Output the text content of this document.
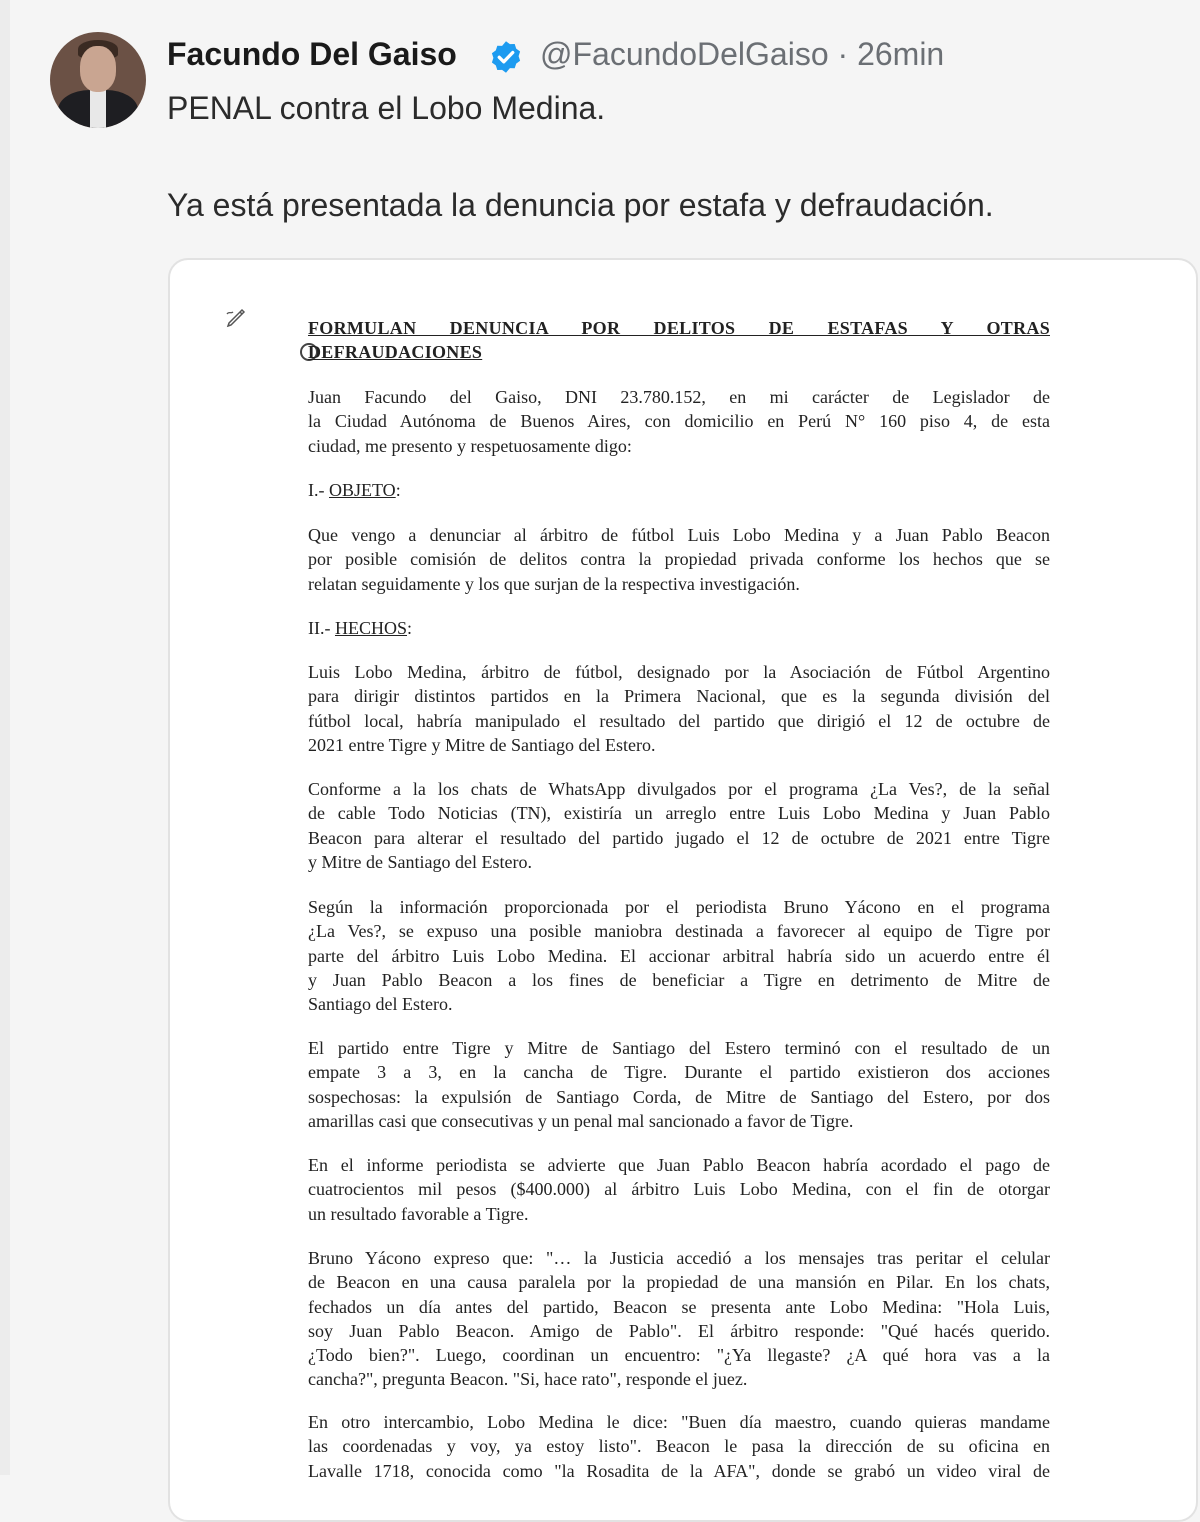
Facundo Del Gaiso	@FacundoDelGaiso · 26min
PENAL contra el Lobo Medina.
Ya está presentada la denuncia por estafa y defraudación.
FORMULAN DENUNCIA POR DELITOS DE ESTAFAS Y OTRAS
DEFRAUDACIONES
I.- OBJETO:
II.- HECHOS:
Juan Facundo del Gaiso, DNI 23.780.152, en mi carácter de Legislador de
la Ciudad Autónoma de Buenos Aires, con domicilio en Perú N° 160 piso 4, de esta
ciudad, me presento y respetuosamente digo:
Que vengo a denunciar al árbitro de fútbol Luis Lobo Medina y a Juan Pablo Beacon
por posible comisión de delitos contra la propiedad privada conforme los hechos que se
relatan seguidamente y los que surjan de la respectiva investigación.
Luis Lobo Medina, árbitro de fútbol, designado por la Asociación de Fútbol Argentino
para dirigir distintos partidos en la Primera Nacional, que es la segunda división del
fútbol local, habría manipulado el resultado del partido que dirigió el 12 de octubre de
2021 entre Tigre y Mitre de Santiago del Estero.
Conforme a la los chats de WhatsApp divulgados por el programa ¿La Ves?, de la señal
de cable Todo Noticias (TN), existiría un arreglo entre Luis Lobo Medina y Juan Pablo
Beacon para alterar el resultado del partido jugado el 12 de octubre de 2021 entre Tigre
y Mitre de Santiago del Estero.
Según la información proporcionada por el periodista Bruno Yácono en el programa
¿La Ves?, se expuso una posible maniobra destinada a favorecer al equipo de Tigre por
parte del árbitro Luis Lobo Medina. El accionar arbitral habría sido un acuerdo entre él
y Juan Pablo Beacon a los fines de beneficiar a Tigre en detrimento de Mitre de
Santiago del Estero.
El partido entre Tigre y Mitre de Santiago del Estero terminó con el resultado de un
empate 3 a 3, en la cancha de Tigre. Durante el partido existieron dos acciones
sospechosas: la expulsión de Santiago Corda, de Mitre de Santiago del Estero, por dos
amarillas casi que consecutivas y un penal mal sancionado a favor de Tigre.
En el informe periodista se advierte que Juan Pablo Beacon habría acordado el pago de
cuatrocientos mil pesos ($400.000) al árbitro Luis Lobo Medina, con el fin de otorgar
un resultado favorable a Tigre.
Bruno Yácono expreso que: "… la Justicia accedió a los mensajes tras peritar el celular
de Beacon en una causa paralela por la propiedad de una mansión en Pilar. En los chats,
fechados un día antes del partido, Beacon se presenta ante Lobo Medina: "Hola Luis,
soy Juan Pablo Beacon. Amigo de Pablo". El árbitro responde: "Qué hacés querido.
¿Todo bien?". Luego, coordinan un encuentro: "¿Ya llegaste? ¿A qué hora vas a la
cancha?", pregunta Beacon. "Si, hace rato", responde el juez.
En otro intercambio, Lobo Medina le dice: "Buen día maestro, cuando quieras mandame
las coordenadas y voy, ya estoy listo". Beacon le pasa la dirección de su oficina en
Lavalle 1718, conocida como "la Rosadita de la AFA", donde se grabó un video viral de
